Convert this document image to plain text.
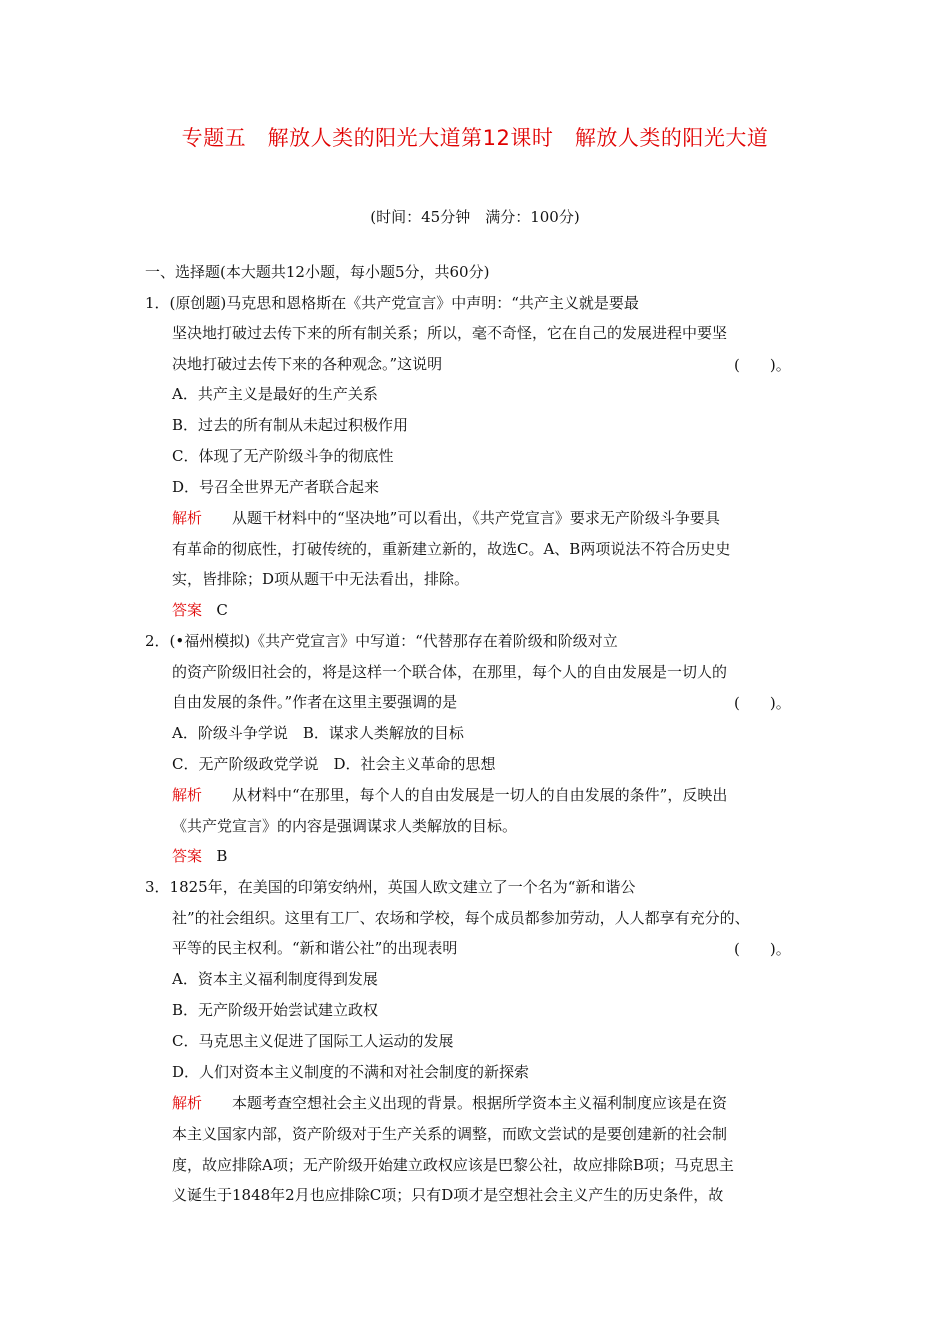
专题五　解放人类的阳光大道第12课时　解放人类的阳光大道
(时间：45分钟　满分：100分)
一、选择题(本大题共12小题，每小题5分，共60分)
1．(原创题)马克思和恩格斯在《共产党宣言》中声明：“共产主义就是要最
坚决地打破过去传下来的所有制关系；所以，毫不奇怪，它在自己的发展进程中要坚
决地打破过去传下来的各种观念。”这说明	(　　)。
A．共产主义是最好的生产关系
B．过去的所有制从未起过积极作用
C．体现了无产阶级斗争的彻底性
D．号召全世界无产者联合起来
解析 从题干材料中的“坚决地”可以看出，《共产党宣言》要求无产阶级斗争要具
有革命的彻底性，打破传统的，重新建立新的，故选C。A、B两项说法不符合历史史
实，皆排除；D项从题干中无法看出，排除。
答案 C
2．(•福州模拟)《共产党宣言》中写道：“代替那存在着阶级和阶级对立
的资产阶级旧社会的，将是这样一个联合体，在那里，每个人的自由发展是一切人的
自由发展的条件。”作者在这里主要强调的是	(　　)。
A．阶级斗争学说　B．谋求人类解放的目标
C．无产阶级政党学说　D．社会主义革命的思想
解析 从材料中“在那里，每个人的自由发展是一切人的自由发展的条件”，反映出
《共产党宣言》的内容是强调谋求人类解放的目标。
答案 B
3．1825年，在美国的印第安纳州，英国人欧文建立了一个名为“新和谐公
社”的社会组织。这里有工厂、农场和学校，每个成员都参加劳动，人人都享有充分的、
平等的民主权利。“新和谐公社”的出现表明	(　　)。
A．资本主义福利制度得到发展
B．无产阶级开始尝试建立政权
C．马克思主义促进了国际工人运动的发展
D．人们对资本主义制度的不满和对社会制度的新探索
解析 本题考查空想社会主义出现的背景。根据所学资本主义福利制度应该是在资
本主义国家内部，资产阶级对于生产关系的调整，而欧文尝试的是要创建新的社会制
度，故应排除A项；无产阶级开始建立政权应该是巴黎公社，故应排除B项；马克思主
义诞生于1848年2月也应排除C项；只有D项才是空想社会主义产生的历史条件，故
